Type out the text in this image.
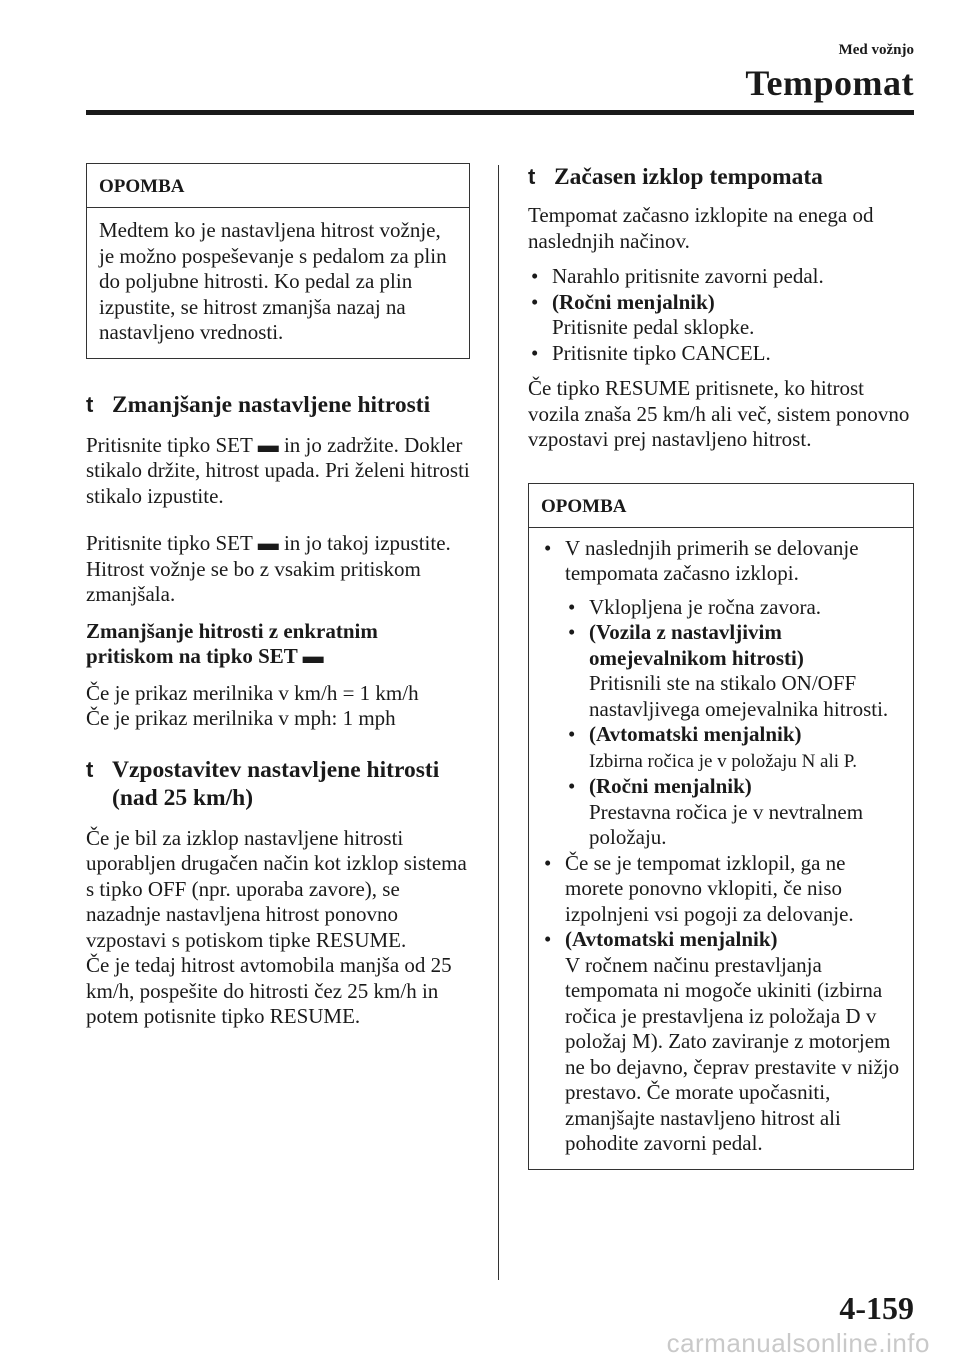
Med vožnjo
Tempomat
OPOMBA
Medtem ko je nastavljena hitrost vožnje, je možno pospeševanje s pedalom za plin do poljubne hitrosti. Ko pedal za plin izpustite, se hitrost zmanjša nazaj na nastavljeno vrednosti.
t Zmanjšanje nastavljene hitrosti

Pritisnite tipko SET ▬ in jo zadržite. Dokler stikalo držite, hitrost upada. Pri želeni hitrosti stikalo izpustite.

Pritisnite tipko SET ▬ in jo takoj izpustite. Hitrost vožnje se bo z vsakim pritiskom zmanjšala.

Zmanjšanje hitrosti z enkratnim pritiskom na tipko SET ▬

Če je prikaz merilnika v km/h = 1 km/h

Če je prikaz merilnika v mph: 1 mph

t Vzpostavitev nastavljene hitrosti (nad 25 km/h)

Če je bil za izklop nastavljene hitrosti uporabljen drugačen način kot izklop sistema s tipko OFF (npr. uporaba zavore), se nazadnje nastavljena hitrost ponovno vzpostavi s potiskom tipke RESUME.

Če je tedaj hitrost avtomobila manjša od 25 km/h, pospešite do hitrosti čez 25 km/h in potem potisnite tipko RESUME.

t Začasen izklop tempomata

Tempomat začasno izklopite na enega od naslednjih načinov.

• Narahlo pritisnite zavorni pedal.
• (Ročni menjalnik)
Pritisnite pedal sklopke.
• Pritisnite tipko CANCEL.

Če tipko RESUME pritisnete, ko hitrost vozila znaša 25 km/h ali več, sistem ponovno vzpostavi prej nastavljeno hitrost.

OPOMBA
• V naslednjih primerih se delovanje tempomata začasno izklopi.
• Vklopljena je ročna zavora.
• (Vozila z nastavljivim omejevalnikom hitrosti)
Pritisnili ste na stikalo ON/OFF nastavljivega omejevalnika hitrosti.
• (Avtomatski menjalnik)
Izbirna ročica je v položaju N ali P.
• (Ročni menjalnik)
Prestavna ročica je v nevtralnem položaju.
• Če se je tempomat izklopil, ga ne morete ponovno vklopiti, če niso izpolnjeni vsi pogoji za delovanje.
• (Avtomatski menjalnik)
V ročnem načinu prestavljanja tempomata ni mogoče ukiniti (izbirna ročica je prestavljena iz položaja D v položaj M). Zato zaviranje z motorjem ne bo dejavno, čeprav prestavite v nižjo prestavo. Če morate upočasniti, zmanjšajte nastavljeno hitrost ali pohodite zavorni pedal.
4-159
carmanualsonline.info
